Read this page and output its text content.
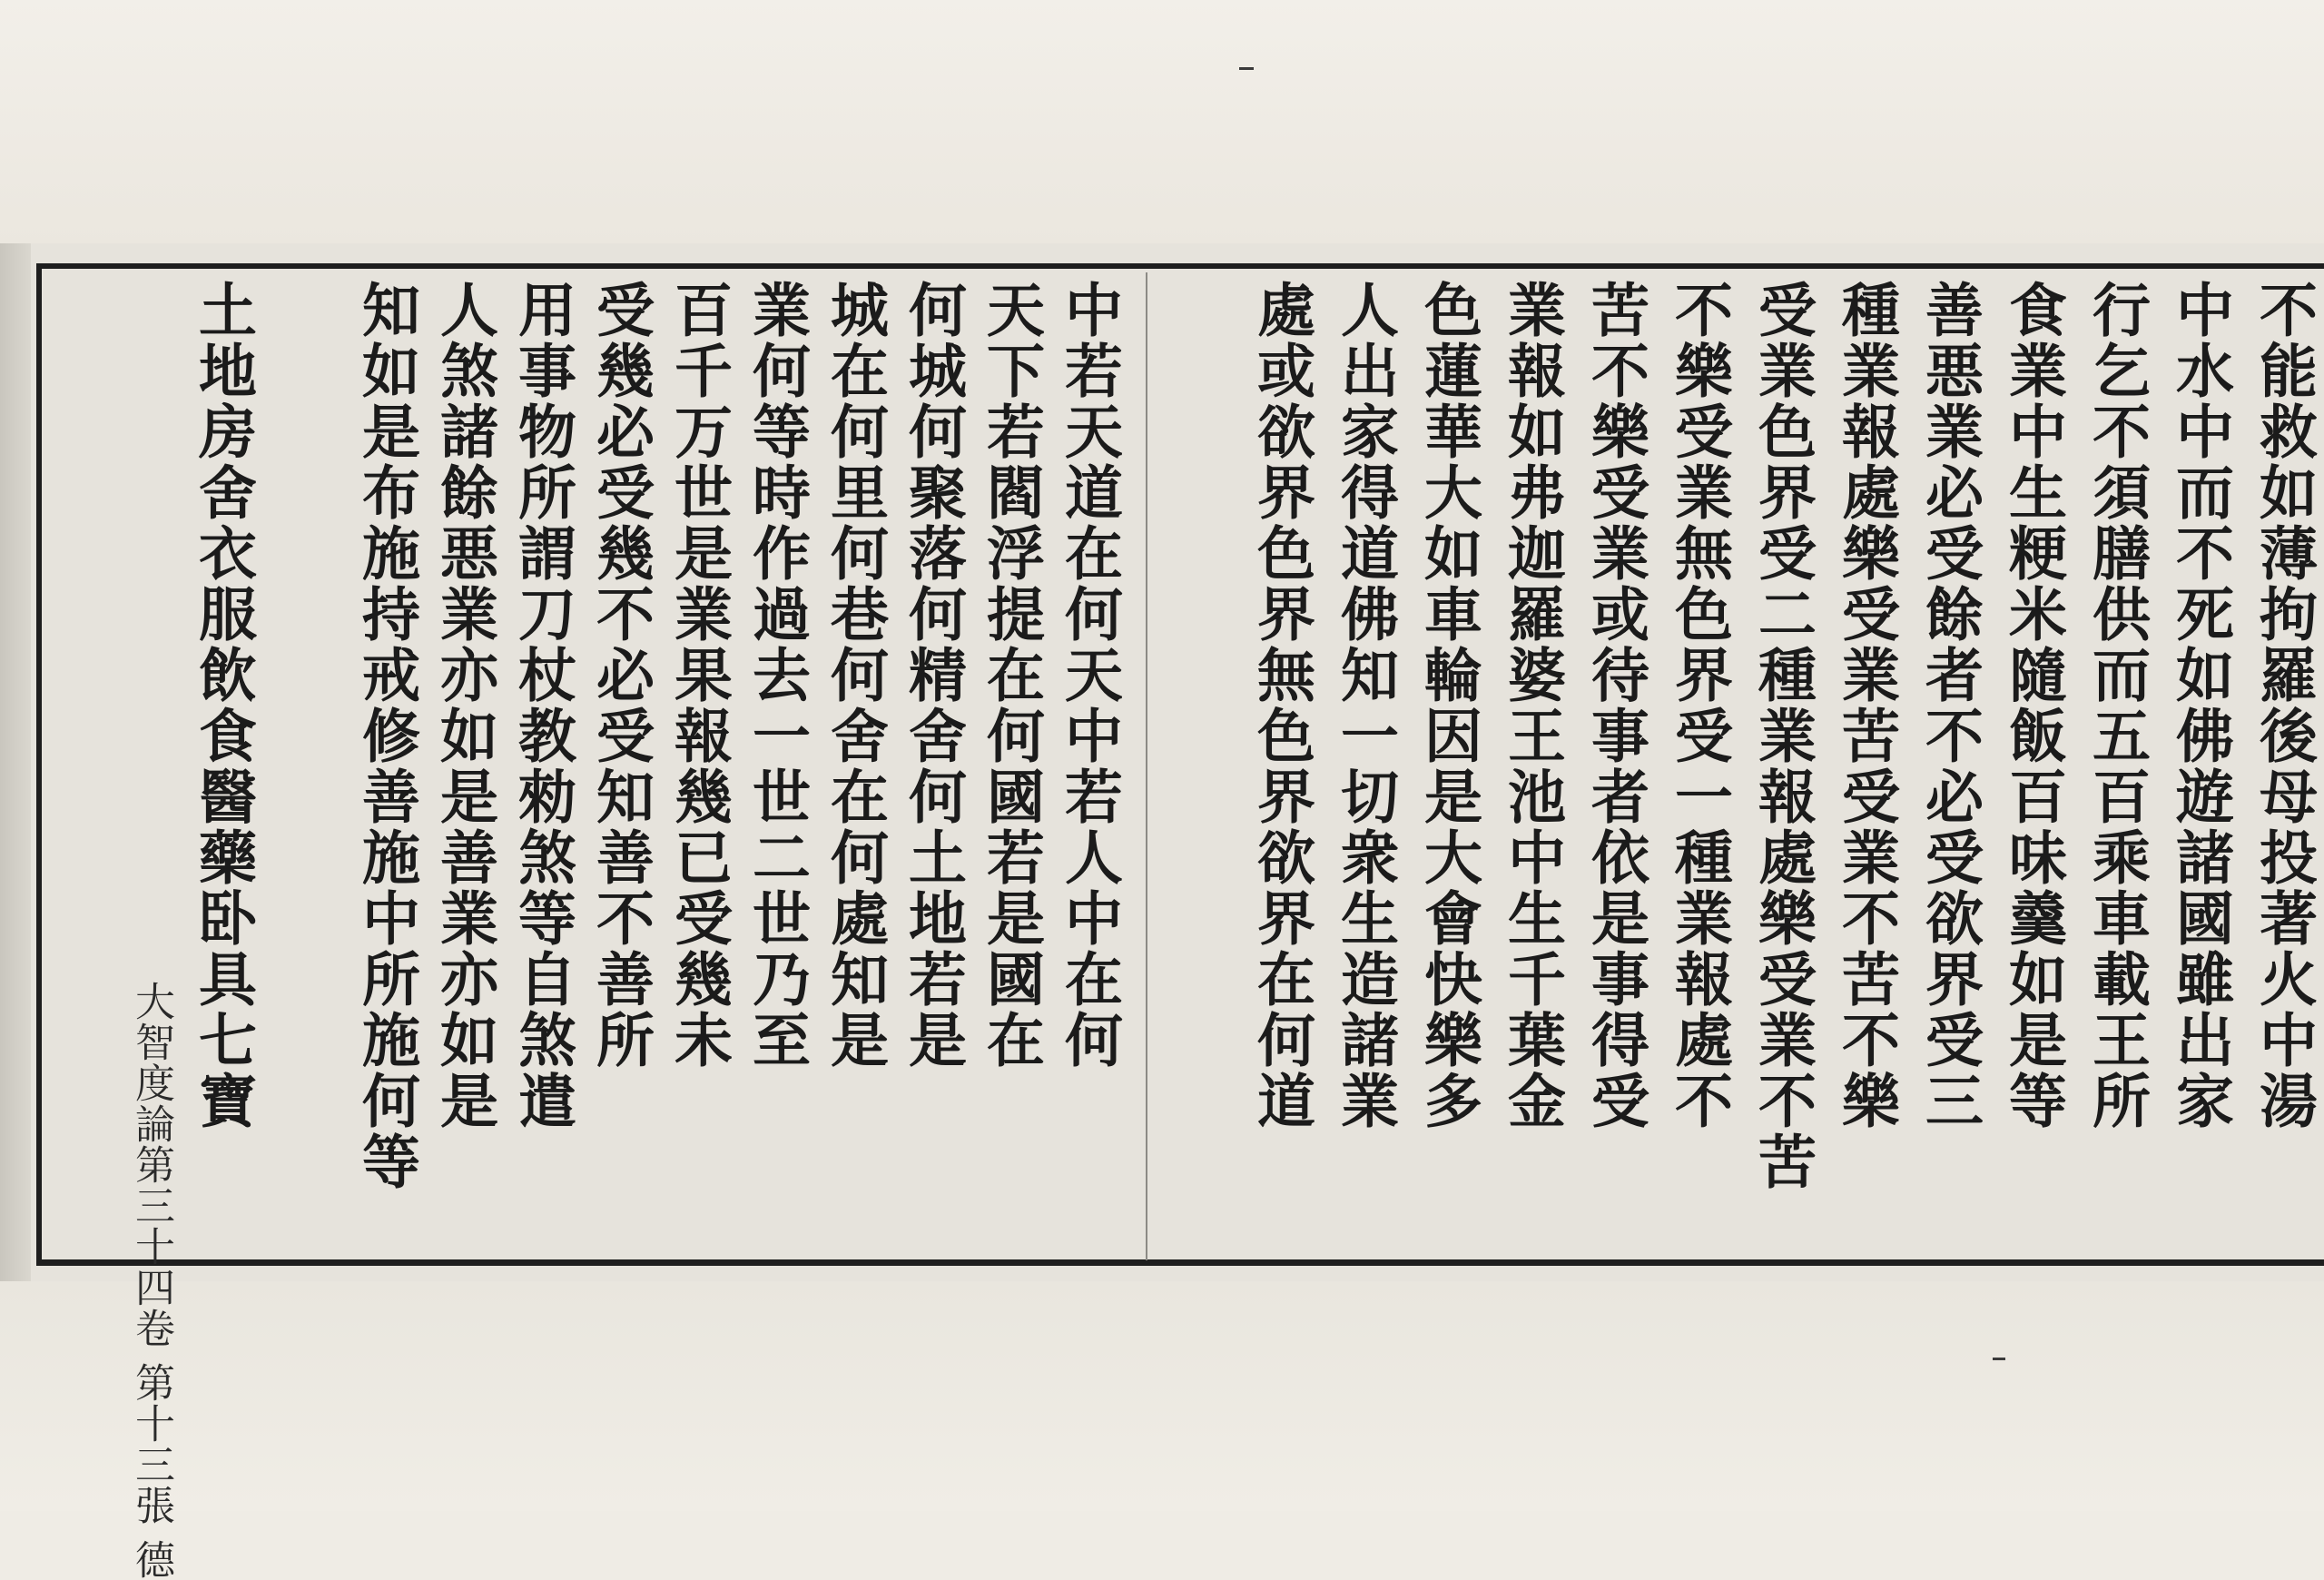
不能救如薄拘羅後母投著火中湯
中水中而不死如佛遊諸國雖出家
行乞不須膳供而五百乘車載王所
食業中生粳米隨飯百味羹如是等
善悪業必受餘者不必受欲界受三
種業報處樂受業苦受業不苦不樂
受業色界受二種業報處樂受業不苦
不樂受業無色界受一種業報處不
苦不樂受業或待事者依是事得受
業報如弗迦羅婆王池中生千葉金
色蓮華大如車輪因是大會快樂多
人出家得道佛知一切衆生造諸業
處或欲界色界無色界欲界在何道
中若天道在何天中若人中在何
天下若閻浮提在何國若是國在
何城何聚落何精舍何土地若是
城在何里何巷何舍在何處知是
業何等時作過去一世二世乃至
百千万世是業果報幾已受幾未
受幾必受幾不必受知善不善所
用事物所謂刀杖教勑煞等自煞遣
人煞諸餘悪業亦如是善業亦如是
知如是布施持戒修善施中所施何等
土地房舍衣服飲食醫藥卧具七寶
大智度論第三十四卷 第十三張 德
